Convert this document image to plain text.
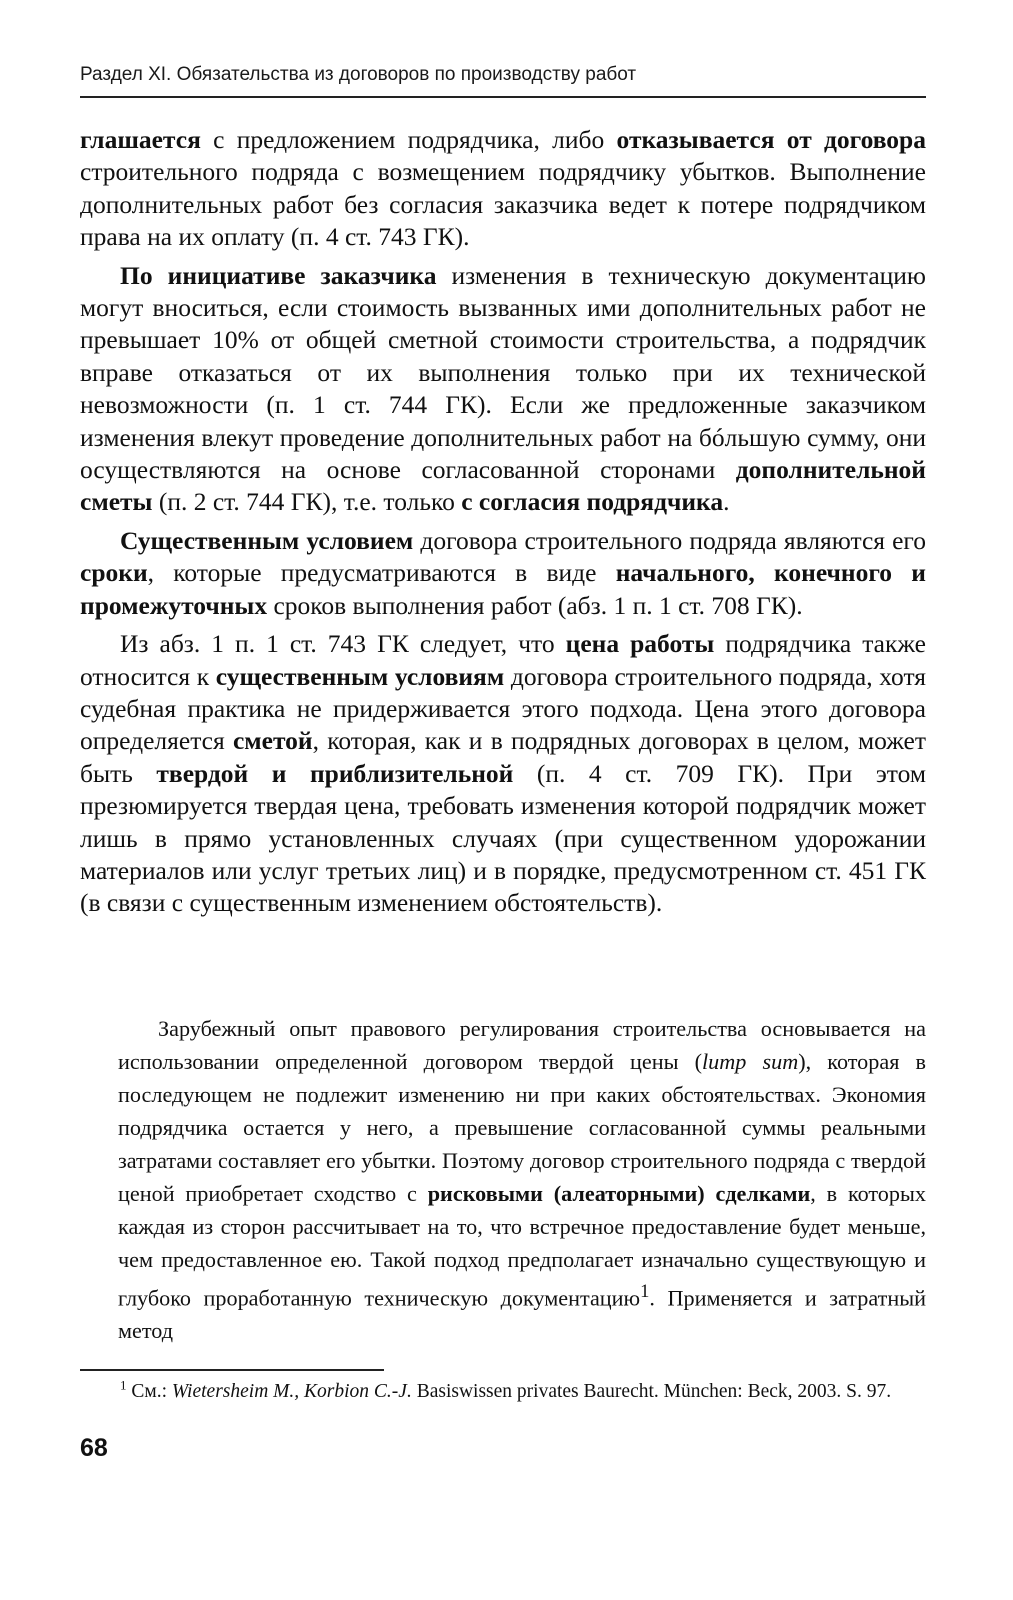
Раздел XI. Обязательства из договоров по производству работ

глашается с предложением подрядчика, либо отказывается от договора строительного подряда с возмещением подрядчику убытков. Выполнение дополнительных работ без согласия заказчика ведет к потере подрядчиком права на их оплату (п. 4 ст. 743 ГК).

По инициативе заказчика изменения в техническую документацию могут вноситься, если стоимость вызванных ими дополнительных работ не превышает 10% от общей сметной стоимости строительства, а подрядчик вправе отказаться от их выполнения только при их технической невозможности (п. 1 ст. 744 ГК). Если же предложенные заказчиком изменения влекут проведение дополнительных работ на бóльшую сумму, они осуществляются на основе согласованной сторонами дополнительной сметы (п. 2 ст. 744 ГК), т.е. только с согласия подрядчика.

Существенным условием договора строительного подряда являются его сроки, которые предусматриваются в виде начального, конечного и промежуточных сроков выполнения работ (абз. 1 п. 1 ст. 708 ГК).

Из абз. 1 п. 1 ст. 743 ГК следует, что цена работы подрядчика также относится к существенным условиям договора строительного подряда, хотя судебная практика не придерживается этого подхода. Цена этого договора определяется сметой, которая, как и в подрядных договорах в целом, может быть твердой и приблизительной (п. 4 ст. 709 ГК). При этом презюмируется твердая цена, требовать изменения которой подрядчик может лишь в прямо установленных случаях (при существенном удорожании материалов или услуг третьих лиц) и в порядке, предусмотренном ст. 451 ГК (в связи с существенным изменением обстоятельств).

Зарубежный опыт правового регулирования строительства основывается на использовании определенной договором твердой цены (lump sum), которая в последующем не подлежит изменению ни при каких обстоятельствах. Экономия подрядчика остается у него, а превышение согласованной суммы реальными затратами составляет его убытки. Поэтому договор строительного подряда с твердой ценой приобретает сходство с рисковыми (алеаторными) сделками, в которых каждая из сторон рассчитывает на то, что встречное предоставление будет меньше, чем предоставленное ею. Такой подход предполагает изначально существующую и глубоко проработанную техническую документацию$^1$. Применяется и затратный метод
$^1$ См.: Wietersheim M., Korbion C.-J. Basiswissen privates Baurecht. München: Beck, 2003. S. 97.
68
